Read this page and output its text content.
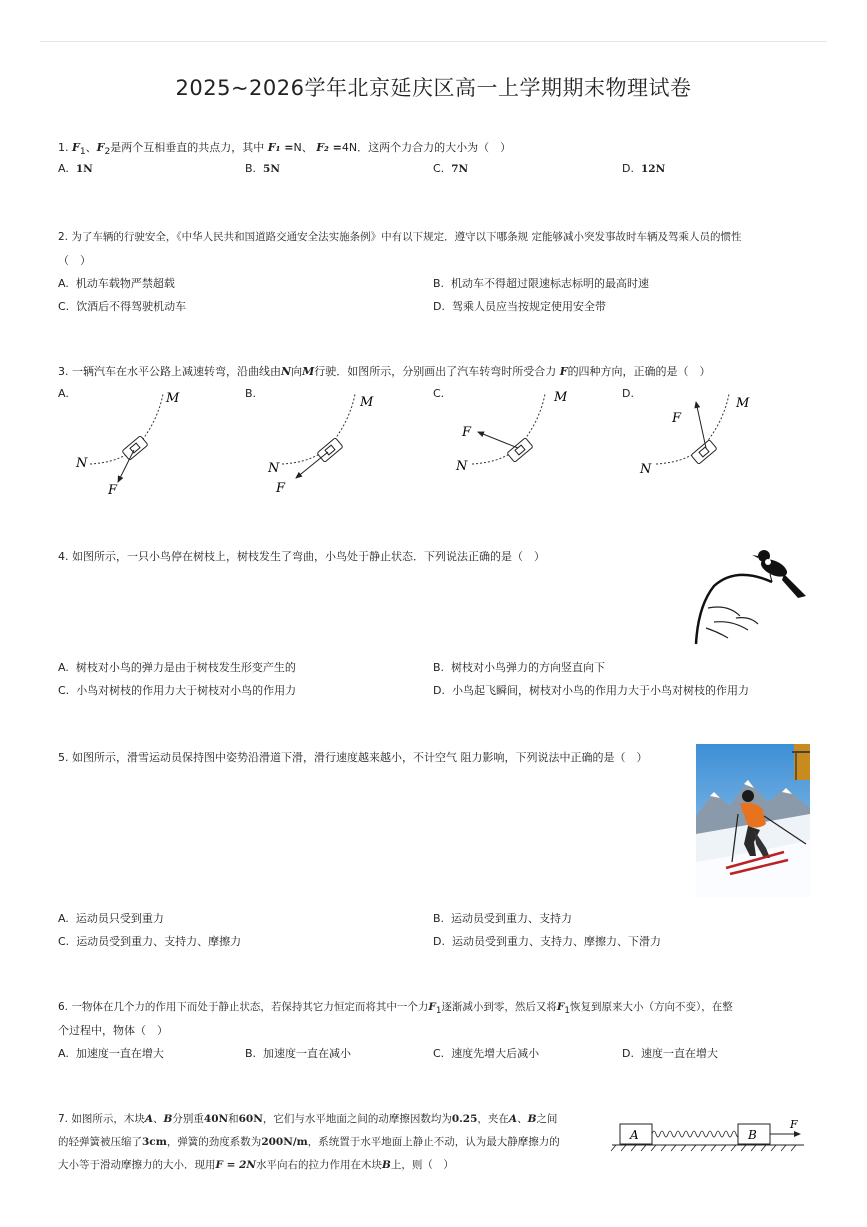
2025~2026学年北京延庆区高一上学期期末物理试卷
1. $F_1$、$F_2$是两个互相垂直的共点力，其中 F₁ =N、 F₂ =4N．这两个力合力的大小为（　）
A. 1N	B. 5N	C. 7N	D. 12N
2. 为了车辆的行驶安全，《中华人民共和国道路交通安全法实施条例》中有以下规定．遵守以下哪条规 定能够减小突发事故时车辆及驾乘人员的惯性
（　）
A. 机动车载物严禁超载	B. 机动车不得超过限速标志标明的最高时速
C. 饮酒后不得驾驶机动车	D. 驾乘人员应当按规定使用安全带
3. 一辆汽车在水平公路上减速转弯，沿曲线由N向M行驶．如图所示，分别画出了汽车转弯时所受合力 F的四种方向，正确的是（　）
A.	B.	C.	D.
M
N
F
M
N
F
M
N
F
M
N
F
4. 如图所示，一只小鸟停在树枝上，树枝发生了弯曲，小鸟处于静止状态．下列说法正确的是（　）
A. 树枝对小鸟的弹力是由于树枝发生形变产生的	B. 树枝对小鸟弹力的方向竖直向下
C. 小鸟对树枝的作用力大于树枝对小鸟的作用力	D. 小鸟起飞瞬间，树枝对小鸟的作用力大于小鸟对树枝的作用力
5. 如图所示，滑雪运动员保持图中姿势沿滑道下滑，滑行速度越来越小，不计空气 阻力影响，下列说法中正确的是（　）
A. 运动员只受到重力	B. 运动员受到重力、支持力
C. 运动员受到重力、支持力、摩擦力	D. 运动员受到重力、支持力、摩擦力、下滑力
6. 一物体在几个力的作用下而处于静止状态，若保持其它力恒定而将其中一个力$F_1$逐渐减小到零，然后又将$F_1$恢复到原来大小（方向不变），在整
个过程中，物体（　）
A. 加速度一直在增大	B. 加速度一直在减小	C. 速度先增大后减小	D. 速度一直在增大
7. 如图所示，木块A、B分别重40N和60N，它们与水平地面之间的动摩擦因数均为0.25，夹在A、B之间
的轻弹簧被压缩了3cm，弹簧的劲度系数为200N/m，系统置于水平地面上静止不动，认为最大静摩擦力的
大小等于滑动摩擦力的大小．现用F = 2N水平向右的拉力作用在木块B上，则（　）
A	B
F
